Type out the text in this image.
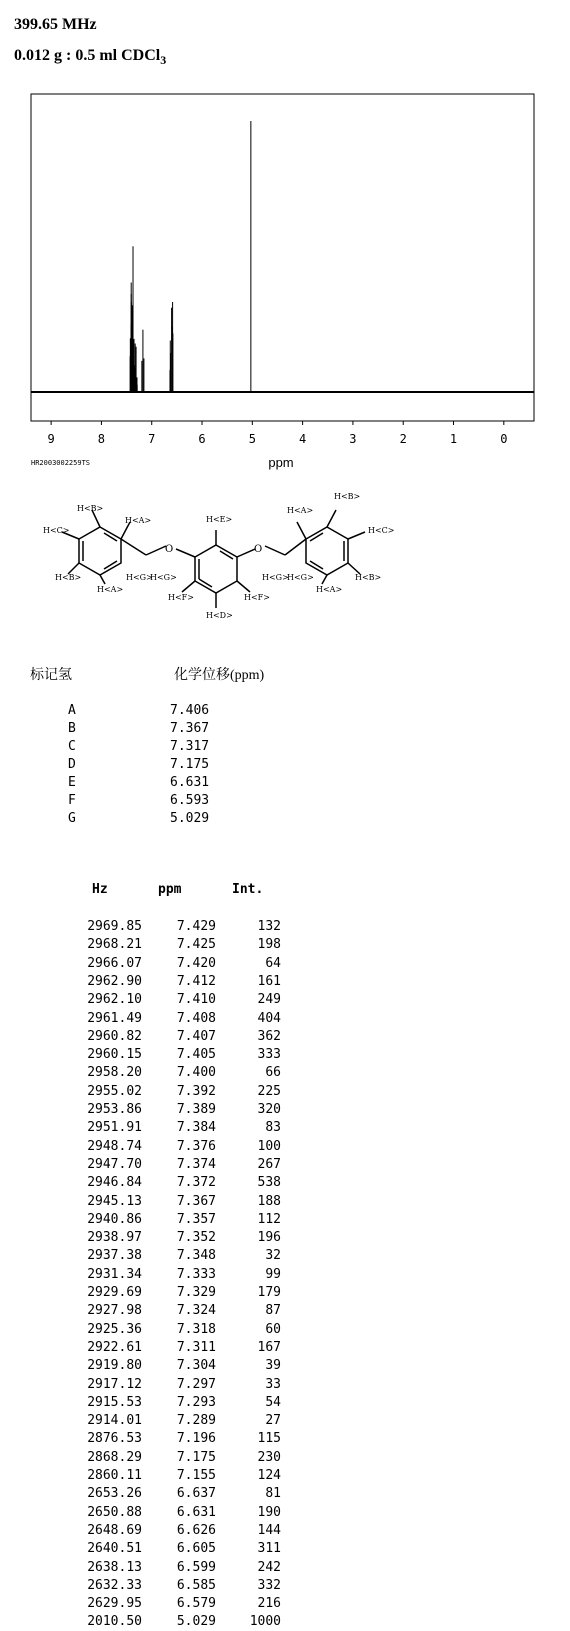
399.65 MHz
0.012 g : 0.5 ml CDCl$_3$
9	8	7	6	5	4	3	2	1	0
ppm
HR2003002259TS
H<B>
H<A>
H<C>
H<B>
H<A>
H<G>
H<G>
O
H<E>
H<F>
H<D>
H<F>
O
H<G>
H<G>
H<A>
H<B>
H<C>
H<B>
H<A>
标记氢	化学位移(ppm)
A	7.406
B	7.367
C	7.317
D	7.175
E	6.631
F	6.593
G	5.029
Hz	ppm	Int.
2969.85	7.429	132
2968.21	7.425	198
2966.07	7.420	64
2962.90	7.412	161
2962.10	7.410	249
2961.49	7.408	404
2960.82	7.407	362
2960.15	7.405	333
2958.20	7.400	66
2955.02	7.392	225
2953.86	7.389	320
2951.91	7.384	83
2948.74	7.376	100
2947.70	7.374	267
2946.84	7.372	538
2945.13	7.367	188
2940.86	7.357	112
2938.97	7.352	196
2937.38	7.348	32
2931.34	7.333	99
2929.69	7.329	179
2927.98	7.324	87
2925.36	7.318	60
2922.61	7.311	167
2919.80	7.304	39
2917.12	7.297	33
2915.53	7.293	54
2914.01	7.289	27
2876.53	7.196	115
2868.29	7.175	230
2860.11	7.155	124
2653.26	6.637	81
2650.88	6.631	190
2648.69	6.626	144
2640.51	6.605	311
2638.13	6.599	242
2632.33	6.585	332
2629.95	6.579	216
2010.50	5.029	1000
